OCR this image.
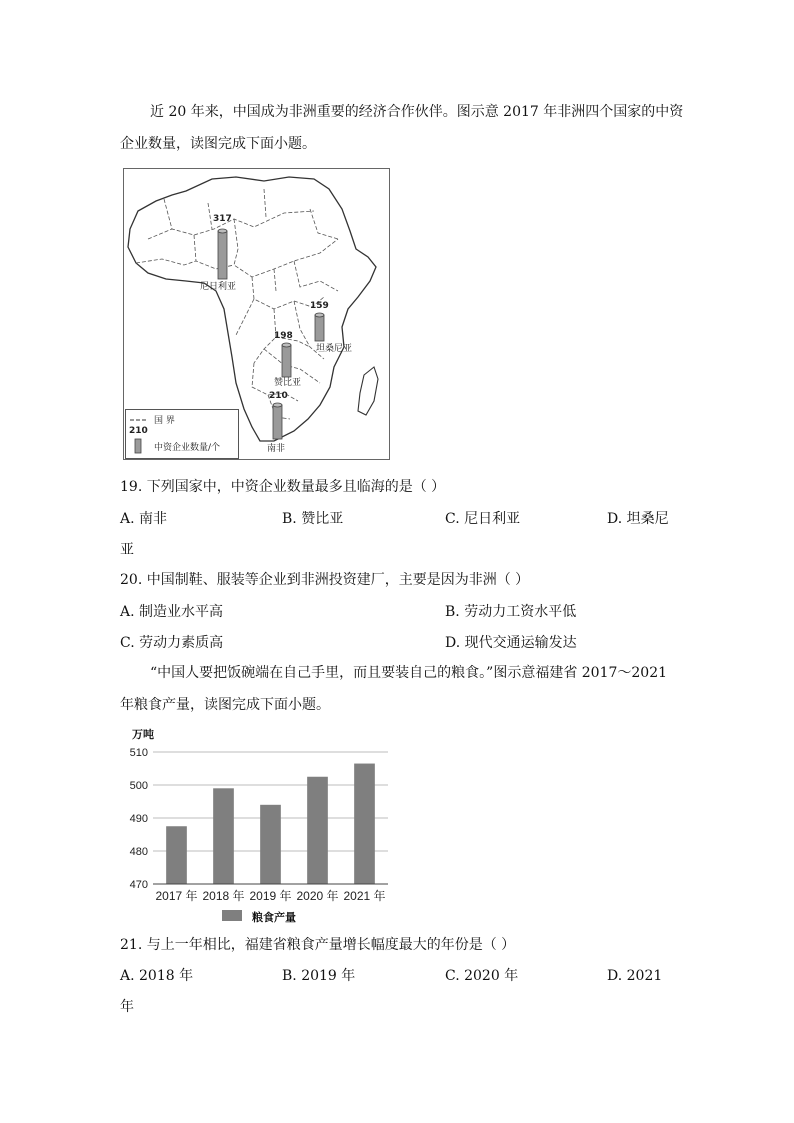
近 20 年来，中国成为非洲重要的经济合作伙伴。图示意 2017 年非洲四个国家的中资
企业数量，读图完成下面小题。
317
尼日利亚
159
坦桑尼亚
198
赞比亚
210
南非
国 界
210
中资企业数量/个
19. 下列国家中，中资企业数量最多且临海的是（ ）
A. 南非	B. 赞比亚	C. 尼日利亚	D. 坦桑尼
亚
20. 中国制鞋、服装等企业到非洲投资建厂，主要是因为非洲（ ）
A. 制造业水平高	B. 劳动力工资水平低
C. 劳动力素质高	D. 现代交通运输发达
“中国人要把饭碗端在自己手里，而且要装自己的粮食。”图示意福建省 2017～2021
年粮食产量，读图完成下面小题。
510
500
490
480
470
2017 年 2018 年 2019 年 2020 年 2021 年
万吨
粮食产量
21. 与上一年相比，福建省粮食产量增长幅度最大的年份是（ ）
A. 2018 年	B. 2019 年	C. 2020 年	D. 2021
年
